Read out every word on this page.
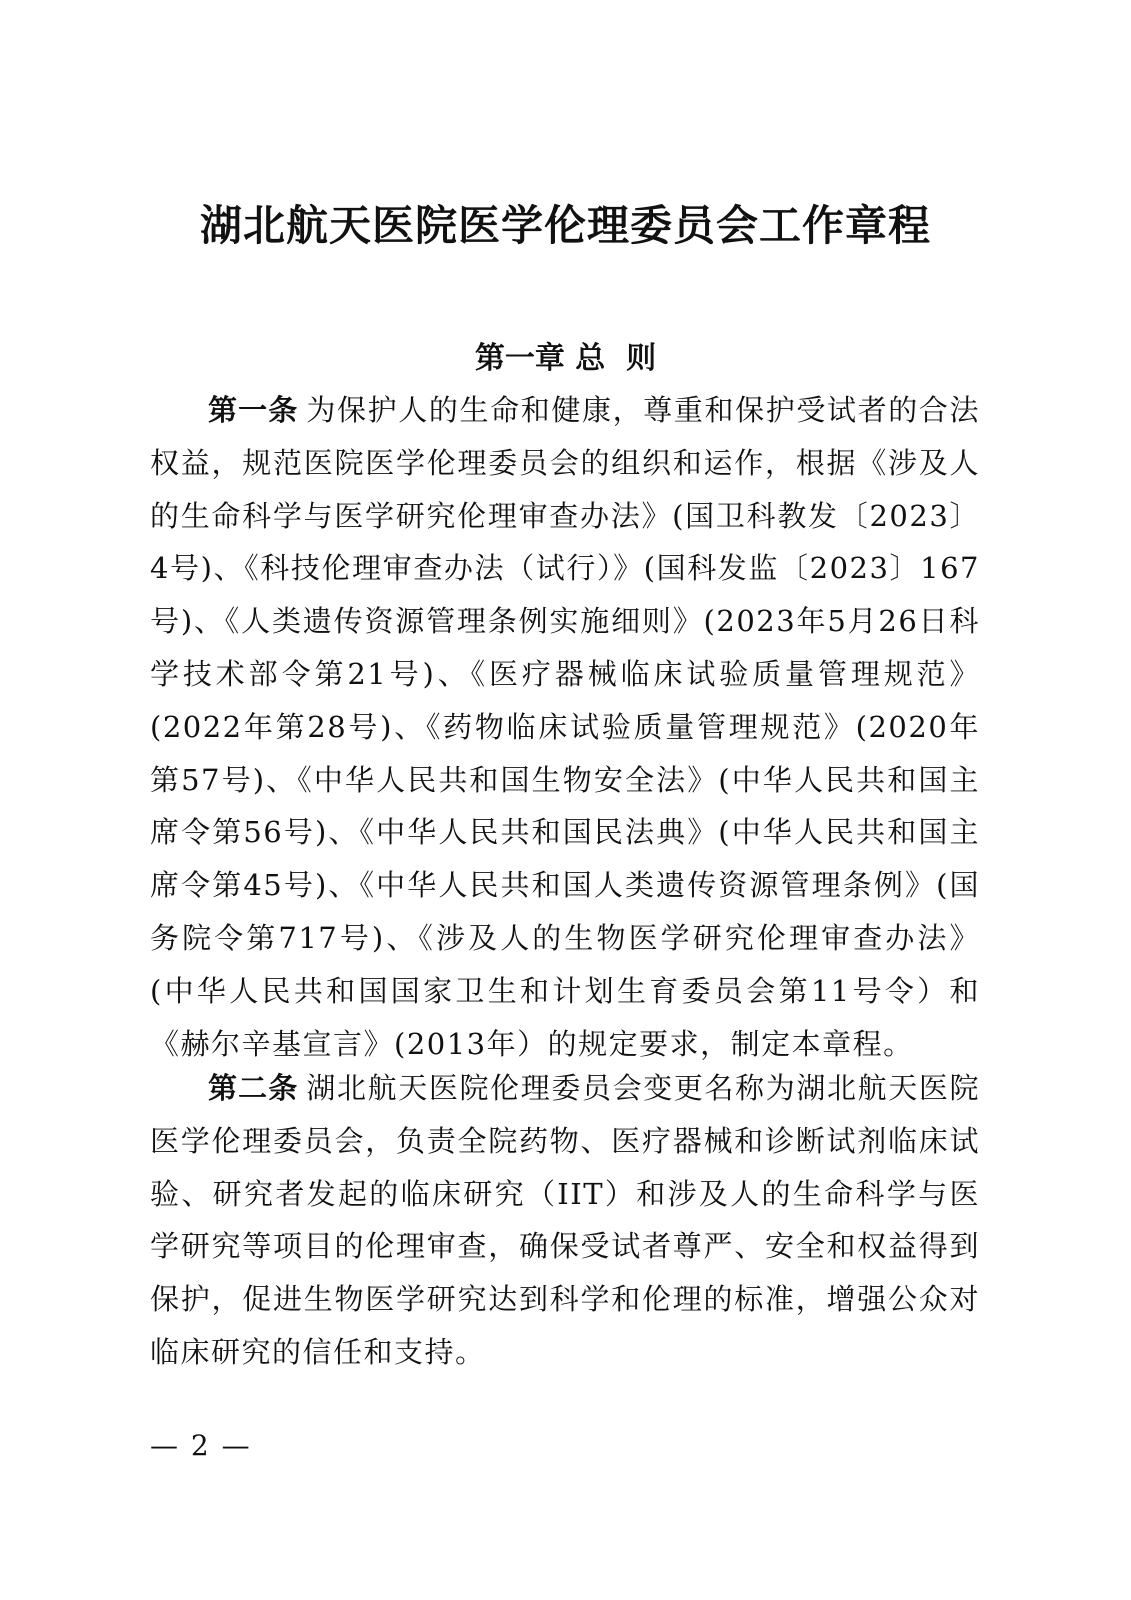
湖北航天医院医学伦理委员会工作章程
第一章 总  则

第一条 为保护人的生命和健康，尊重和保护受试者的合法权益，规范医院医学伦理委员会的组织和运作，根据《涉及人的生命科学与医学研究伦理审查办法》(国卫科教发〔2023〕4号)、《科技伦理审查办法（试行）》(国科发监〔2023〕167号)、《人类遗传资源管理条例实施细则》(2023年5月26日科学技术部令第21号)、《医疗器械临床试验质量管理规范》(2022年第28号)、《药物临床试验质量管理规范》(2020年第57号)、《中华人民共和国生物安全法》(中华人民共和国主席令第56号)、《中华人民共和国民法典》(中华人民共和国主席令第45号)、《中华人民共和国人类遗传资源管理条例》(国务院令第717号)、《涉及人的生物医学研究伦理审查办法》(中华人民共和国国家卫生和计划生育委员会第11号令）和《赫尔辛基宣言》(2013年）的规定要求，制定本章程。

第二条 湖北航天医院伦理委员会变更名称为湖北航天医院医学伦理委员会，负责全院药物、医疗器械和诊断试剂临床试验、研究者发起的临床研究（IIT）和涉及人的生命科学与医学研究等项目的伦理审查，确保受试者尊严、安全和权益得到保护，促进生物医学研究达到科学和伦理的标准，增强公众对临床研究的信任和支持。

— 2 —
